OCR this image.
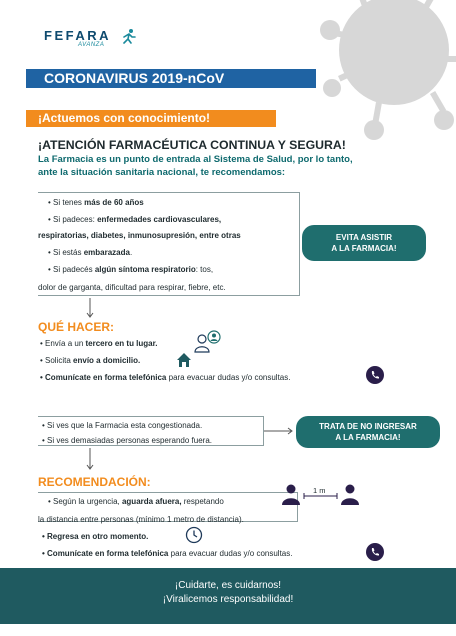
FEFARA
AVANZA
CORONAVIRUS 2019-nCoV
¡Actuemos con conocimiento!
¡ATENCIÓN FARMACÉUTICA CONTINUA Y SEGURA!
La Farmacia es un punto de entrada al Sistema de Salud, por lo tanto,
ante la situación sanitaria nacional, te recomendamos:
• Si tenes más de 60 años
• Si padeces: enfermedades cardiovasculares,
respiratorias, diabetes, inmunosupresión, entre otras
• Si estás embarazada.
• Si padecés algún síntoma respiratorio: tos,
dolor de garganta, dificultad para respirar, fiebre, etc.
EVITA ASISTIR
A LA FARMACIA!
QUÉ HACER:
• Envía a un tercero en tu lugar.
• Solicita envío a domicilio.
• Comunícate en forma telefónica para evacuar dudas y/o consultas.
• Si ves que la Farmacia esta congestionada.
• Si ves demasiadas personas esperando fuera.
TRATA DE NO INGRESAR
A LA FARMACIA!
RECOMENDACIÓN:
• Según la urgencia, aguarda afuera, respetando
la distancia entre personas (mínimo 1 metro de distancia).
• Regresa en otro momento.
• Comunícate en forma telefónica para evacuar dudas y/o consultas.
1 m
¡Cuidarte, es cuidarnos!
¡Viralicemos responsabilidad!
